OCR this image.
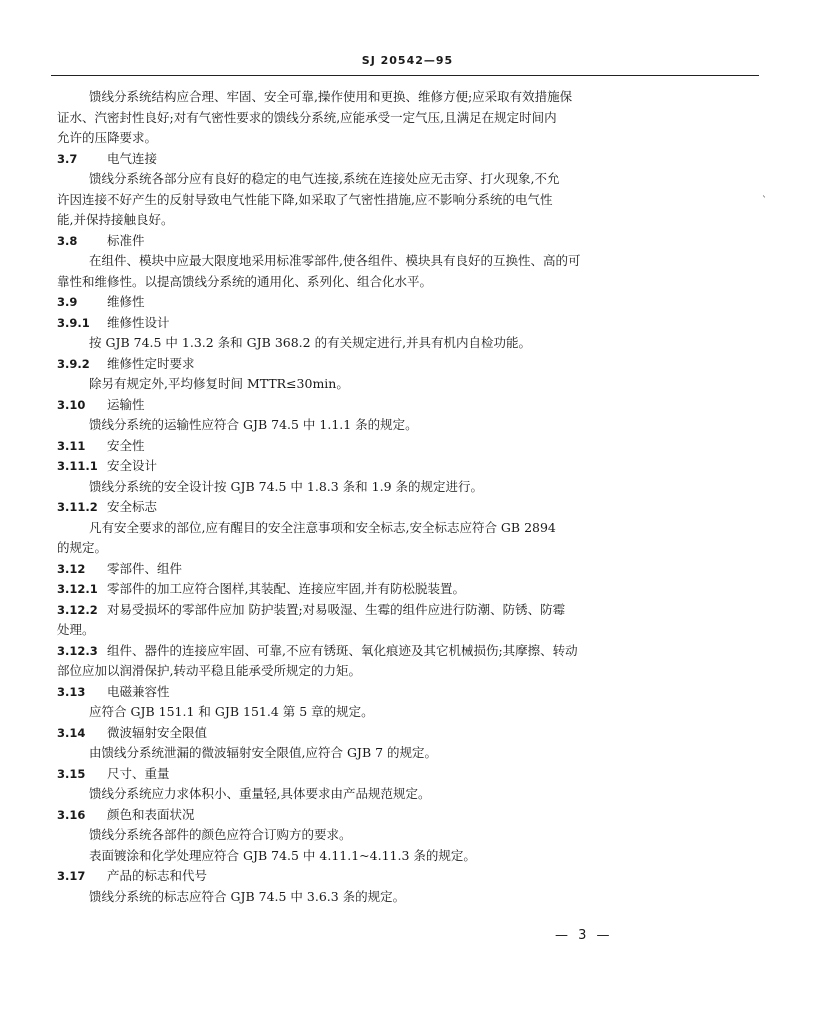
SJ 20542—95
ˋ
馈线分系统结构应合理、牢固、安全可靠,操作使用和更换、维修方便;应采取有效措施保
证水、汽密封性良好;对有气密性要求的馈线分系统,应能承受一定气压,且满足在规定时间内
允许的压降要求。
3.7 电气连接
馈线分系统各部分应有良好的稳定的电气连接,系统在连接处应无击穿、打火现象,不允
许因连接不好产生的反射导致电气性能下降,如采取了气密性措施,应不影响分系统的电气性
能,并保持接触良好。
3.8 标准件
在组件、模块中应最大限度地采用标准零部件,使各组件、模块具有良好的互换性、高的可
靠性和维修性。以提高馈线分系统的通用化、系列化、组合化水平。
3.9 维修性
3.9.1 维修性设计
按 GJB 74.5 中 1.3.2 条和 GJB 368.2 的有关规定进行,并具有机内自检功能。
3.9.2 维修性定时要求
除另有规定外,平均修复时间 MTTR≤30min。
3.10 运输性
馈线分系统的运输性应符合 GJB 74.5 中 1.1.1 条的规定。
3.11 安全性
3.11.1 安全设计
馈线分系统的安全设计按 GJB 74.5 中 1.8.3 条和 1.9 条的规定进行。
3.11.2 安全标志
凡有安全要求的部位,应有醒目的安全注意事项和安全标志,安全标志应符合 GB 2894
的规定。
3.12 零部件、组件
3.12.1 零部件的加工应符合图样,其装配、连接应牢固,并有防松脱装置。
3.12.2 对易受损坏的零部件应加 防护装置;对易吸湿、生霉的组件应进行防潮、防锈、防霉
处理。
3.12.3 组件、器件的连接应牢固、可靠,不应有锈斑、氧化痕迹及其它机械损伤;其摩擦、转动
部位应加以润滑保护,转动平稳且能承受所规定的力矩。
3.13 电磁兼容性
应符合 GJB 151.1 和 GJB 151.4 第 5 章的规定。
3.14 微波辐射安全限值
由馈线分系统泄漏的微波辐射安全限值,应符合 GJB 7 的规定。
3.15 尺寸、重量
馈线分系统应力求体积小、重量轻,具体要求由产品规范规定。
3.16 颜色和表面状况
馈线分系统各部件的颜色应符合订购方的要求。
表面镀涂和化学处理应符合 GJB 74.5 中 4.11.1~4.11.3 条的规定。
3.17 产品的标志和代号
馈线分系统的标志应符合 GJB 74.5 中 3.6.3 条的规定。
— 3 —
